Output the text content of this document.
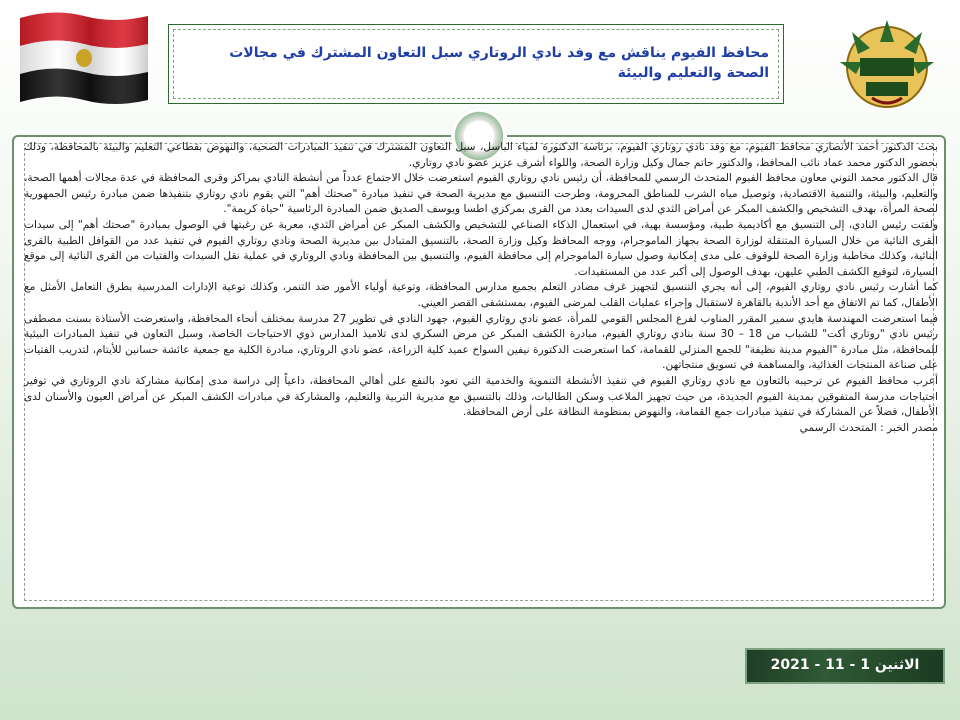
محافظ الفيوم يناقش مع وفد نادي الروتاري سبل التعاون المشترك في مجالات الصحة والتعليم والبيئة

بحث الدكتور أحمد الأنصاري محافظ الفيوم، مع وفد نادي روتاري الفيوم، برئاسة الدكتورة لمياء الباسل، سبل التعاون المشترك في تنفيذ المبادرات الصحية، والنهوض بقطاعي التعليم والبيئة بالمحافظة، وذلك بحضور الدكتور محمد عماد نائب المحافظ، والدكتور حاتم جمال وكيل وزارة الصحة، واللواء أشرف عزيز عضو نادي روتاري.

قال الدكتور محمد التوني معاون محافظ الفيوم المتحدث الرسمي للمحافظة، أن رئيس نادي روتاري الفيوم استعرضت خلال الاجتماع عدداً من أنشطة النادي بمراكز وقرى المحافظة في عدة مجالات أهمها الصحة، والتعليم، والبيئة، والتنمية الاقتصادية، وتوصيل مياه الشرب للمناطق المحرومة، وطرحت التنسيق مع مديرية الصحة في تنفيذ مبادرة "صحتك أهم" التي يقوم نادي روتاري بتنفيذها ضمن مبادرة رئيس الجمهورية لصحة المرأة، بهدف التشخيص والكشف المبكر عن أمراض الثدي لدى السيدات بعدد من القرى بمركزي اطسا ويوسف الصديق ضمن المبادرة الرئاسية "حياة كريمة".

ولفتت رئيس النادي، إلى التنسيق مع أكاديمية طبية، ومؤسسة بهية، في استعمال الذكاء الصناعي للتشخيص والكشف المبكر عن أمراض الثدي، معربة عن رغبتها في الوصول بمبادرة "صحتك أهم" إلى سيدات القرى النائية من خلال السيارة المتنقلة لوزارة الصحة بجهاز الماموجرام، ووجه المحافظ وكيل وزارة الصحة، بالتنسيق المتبادل بين مديرية الصحة ونادي روتاري الفيوم في تنفيذ عدد من القوافل الطبية بالقرى النائية، وكذلك مخاطبة وزارة الصحة للوقوف على مدى إمكانية وصول سيارة الماموجرام إلى محافظة الفيوم، والتنسيق بين المحافظة ونادي الروتاري في عملية نقل السيدات والفتيات من القرى النائية إلى موقع السيارة، لتوقيع الكشف الطبي عليهن، بهدف الوصول إلى أكبر عدد من المستفيدات.

كما أشارت رئيس نادي روتاري الفيوم، إلى أنه يجري التنسيق لتجهيز غرف مصادر التعلم بجميع مدارس المحافظة، وتوعية أولياء الأمور ضد التنمر، وكذلك توعية الإدارات المدرسية بطرق التعامل الأمثل مع الأطفال، كما تم الاتفاق مع أحد الأندية بالقاهرة لاستقبال وإجراء عمليات القلب لمرضى الفيوم، بمستشفى القصر العيني.

فيما استعرضت المهندسة هايدي سمير المقرر المناوب لفرع المجلس القومي للمرأة، عضو نادي روتاري الفيوم، جهود النادي في تطوير 27 مدرسة بمختلف أنحاء المحافظة، واستعرضت الأستاذة بسنت مصطفى رئيس نادي "روتاري أكت" للشباب من 18 – 30 سنة بنادي روتاري الفيوم، مبادرة الكشف المبكر عن مرض السكري لدى تلاميذ المدارس ذوي الاحتياجات الخاصة، وسبل التعاون في تنفيذ المبادرات البيئية للمحافظة، مثل مبادرة "الفيوم مدينة نظيفة" للجمع المنزلي للقمامة، كما استعرضت الدكتورة نيفين السواح عميد كلية الزراعة، عضو نادي الروتاري، مبادرة الكلية مع جمعية عائشة حسانين للأيتام، لتدريب الفتيات على صناعة المنتجات الغذائية، والمساهمة في تسويق منتجاتهن.

أعرب محافظ الفيوم عن ترحيبه بالتعاون مع نادي روتاري الفيوم في تنفيذ الأنشطة التنموية والخدمية التي تعود بالنفع على أهالي المحافظة، داعياً إلى دراسة مدى إمكانية مشاركة نادي الروتاري في توفير احتياجات مدرسة المتفوقين بمدينة الفيوم الجديدة، من حيث تجهيز الملاعب وسكن الطالبات، وذلك بالتنسيق مع مديرية التربية والتعليم، والمشاركة في مبادرات الكشف المبكر عن أمراض العيون والأسنان لدى الأطفال، فضلاً عن المشاركة في تنفيذ مبادرات جمع القمامة، والنهوض بمنظومة النظافة على أرض المحافظة.

مصدر الخبر : المتحدث الرسمي

الاثنين 1 - 11 - 2021
